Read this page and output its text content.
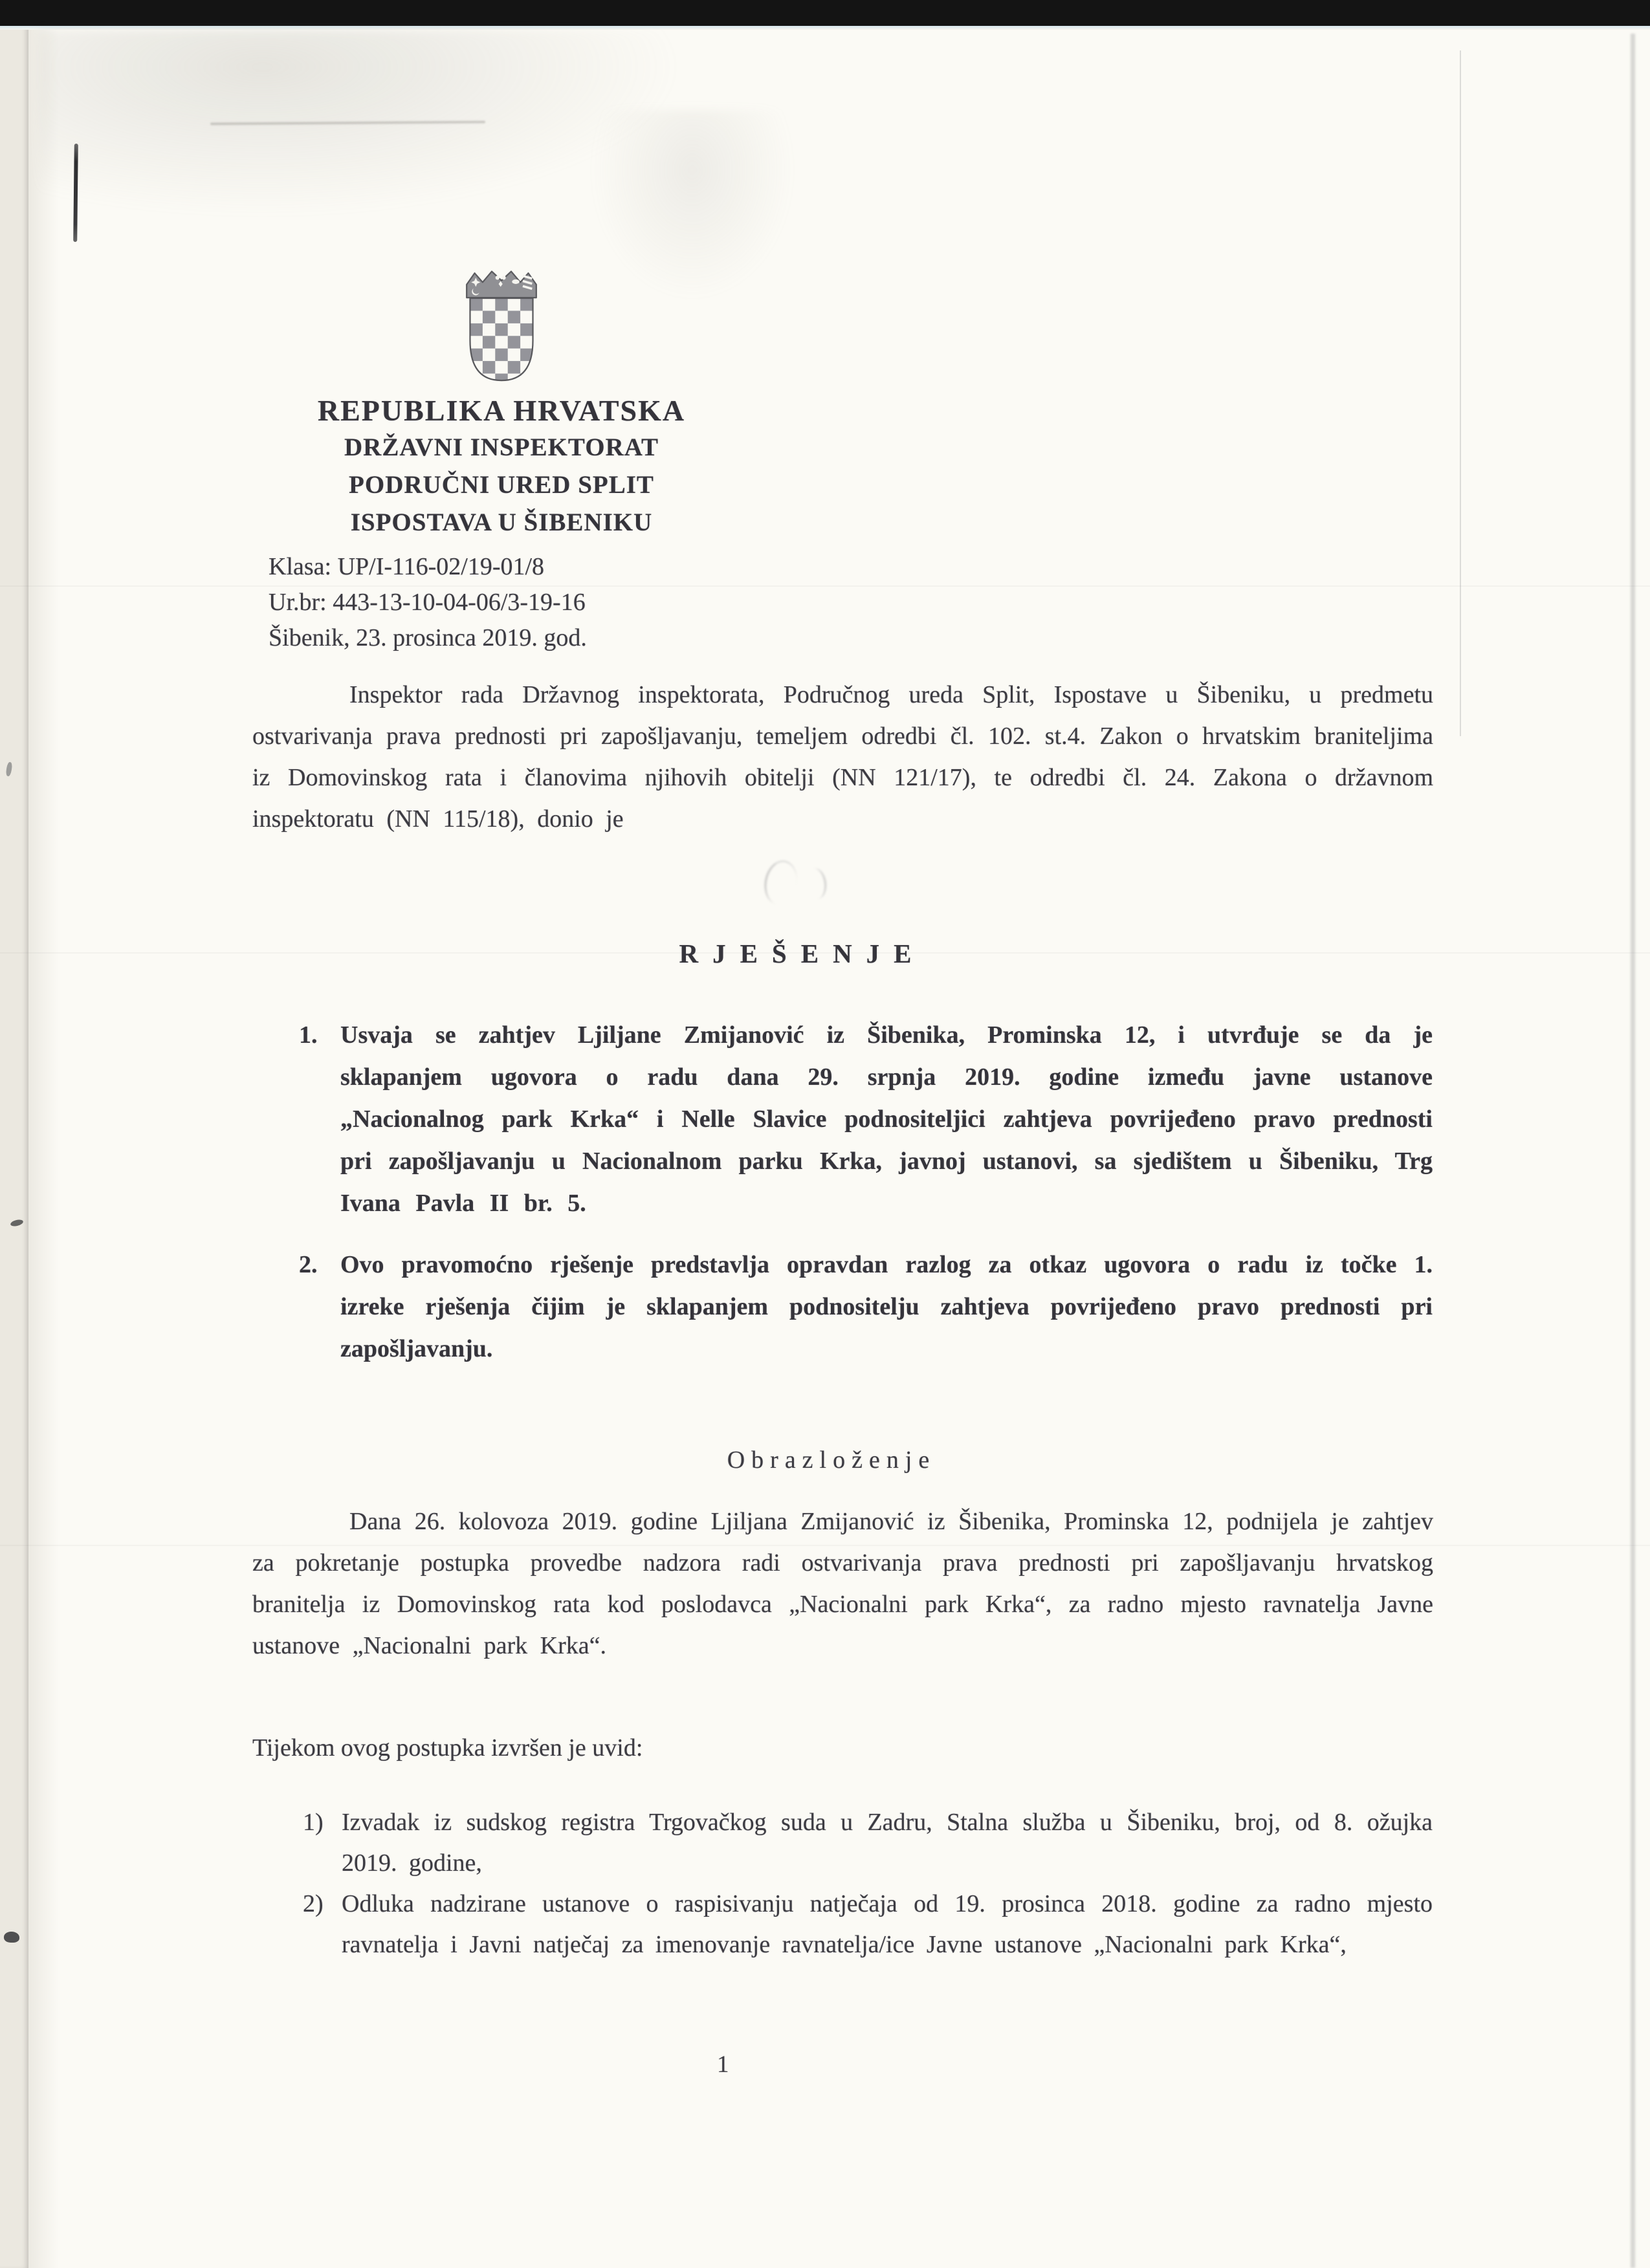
REPUBLIKA HRVATSKA
DRŽAVNI INSPEKTORAT
PODRUČNI URED SPLIT
ISPOSTAVA U ŠIBENIKU
Klasa: UP/I-116-02/19-01/8
Ur.br: 443-13-10-04-06/3-19-16
Šibenik, 23. prosinca 2019. god.

Inspektor rada Državnog inspektorata, Područnog ureda Split, Ispostave u Šibeniku, u predmetu ostvarivanja prava prednosti pri zapošljavanju, temeljem odredbi čl. 102. st.4. Zakon o hrvatskim braniteljima iz Domovinskog rata i članovima njihovih obitelji (NN 121/17), te odredbi čl. 24. Zakona o državnom inspektoratu (NN 115/18), donio je

RJEŠENJE
1. Usvaja se zahtjev Ljiljane Zmijanović iz Šibenika, Prominska 12, i utvrđuje se da je sklapanjem ugovora o radu dana 29. srpnja 2019. godine između javne ustanove „Nacionalnog park Krka“ i Nelle Slavice podnositeljici zahtjeva povrijeđeno pravo prednosti pri zapošljavanju u Nacionalnom parku Krka, javnoj ustanovi, sa sjedištem u Šibeniku, Trg Ivana Pavla II br. 5.
2. Ovo pravomoćno rješenje predstavlja opravdan razlog za otkaz ugovora o radu iz točke 1. izreke rješenja čijim je sklapanjem podnositelju zahtjeva povrijeđeno pravo prednosti pri zapošljavanju.
Obrazloženje

Dana 26. kolovoza 2019. godine Ljiljana Zmijanović iz Šibenika, Prominska 12, podnijela je zahtjev za pokretanje postupka provedbe nadzora radi ostvarivanja prava prednosti pri zapošljavanju hrvatskog branitelja iz Domovinskog rata kod poslodavca „Nacionalni park Krka“, za radno mjesto ravnatelja Javne ustanove „Nacionalni park Krka“.

Tijekom ovog postupka izvršen je uvid:

1) Izvadak iz sudskog registra Trgovačkog suda u Zadru, Stalna služba u Šibeniku, broj, od 8. ožujka 2019. godine,
2) Odluka nadzirane ustanove o raspisivanju natječaja od 19. prosinca 2018. godine za radno mjesto ravnatelja i Javni natječaj za imenovanje ravnatelja/ice Javne ustanove „Nacionalni park Krka“,
1
